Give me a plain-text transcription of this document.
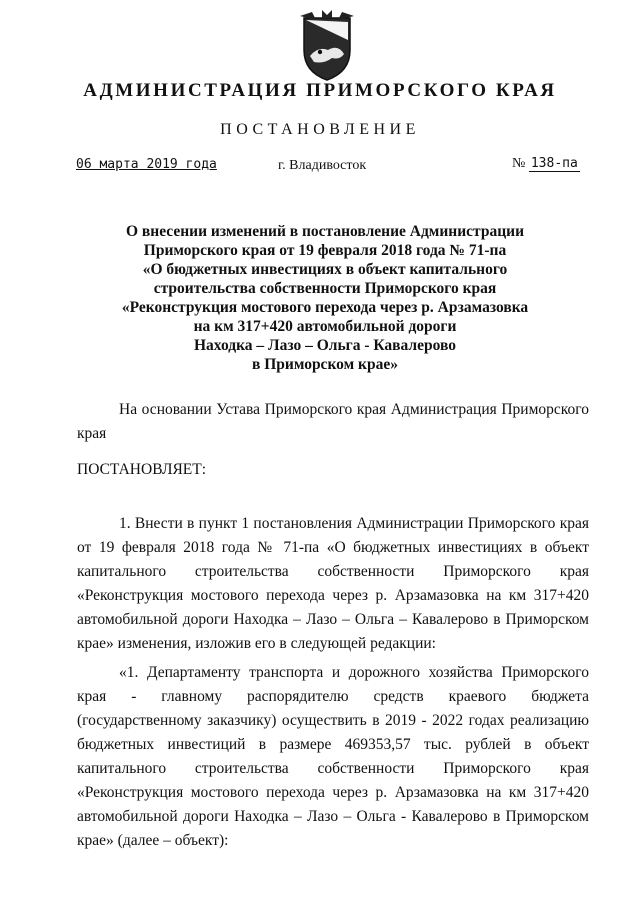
АДМИНИСТРАЦИЯ ПРИМОРСКОГО КРАЯ
ПОСТАНОВЛЕНИЕ
06 марта 2019 года	г. Владивосток	№ 138-па
О внесении изменений в постановление Администрации
Приморского края от 19 февраля 2018 года № 71-па
«О бюджетных инвестициях в объект капитального
строительства собственности Приморского края
«Реконструкция мостового перехода через р. Арзамазовка
на км 317+420 автомобильной дороги
Находка – Лазо – Ольга - Кавалерово
в Приморском крае»
На основании Устава Приморского края Администрация Приморского края
ПОСТАНОВЛЯЕТ:
1. Внести в пункт 1 постановления Администрации Приморского края от 19 февраля 2018 года № 71-па «О бюджетных инвестициях в объект капитального строительства собственности Приморского края «Реконструкция мостового перехода через р. Арзамазовка на км 317+420 автомобильной дороги Находка – Лазо – Ольга – Кавалерово в Приморском крае» изменения, изложив его в следующей редакции:
«1. Департаменту транспорта и дорожного хозяйства Приморского края - главному распорядителю средств краевого бюджета (государственному заказчику) осуществить в 2019 - 2022 годах реализацию бюджетных инвестиций в размере 469353,57 тыс. рублей в объект капитального строительства собственности Приморского края «Реконструкция мостового перехода через р. Арзамазовка на км 317+420 автомобильной дороги Находка – Лазо – Ольга - Кавалерово в Приморском крае» (далее – объект):
